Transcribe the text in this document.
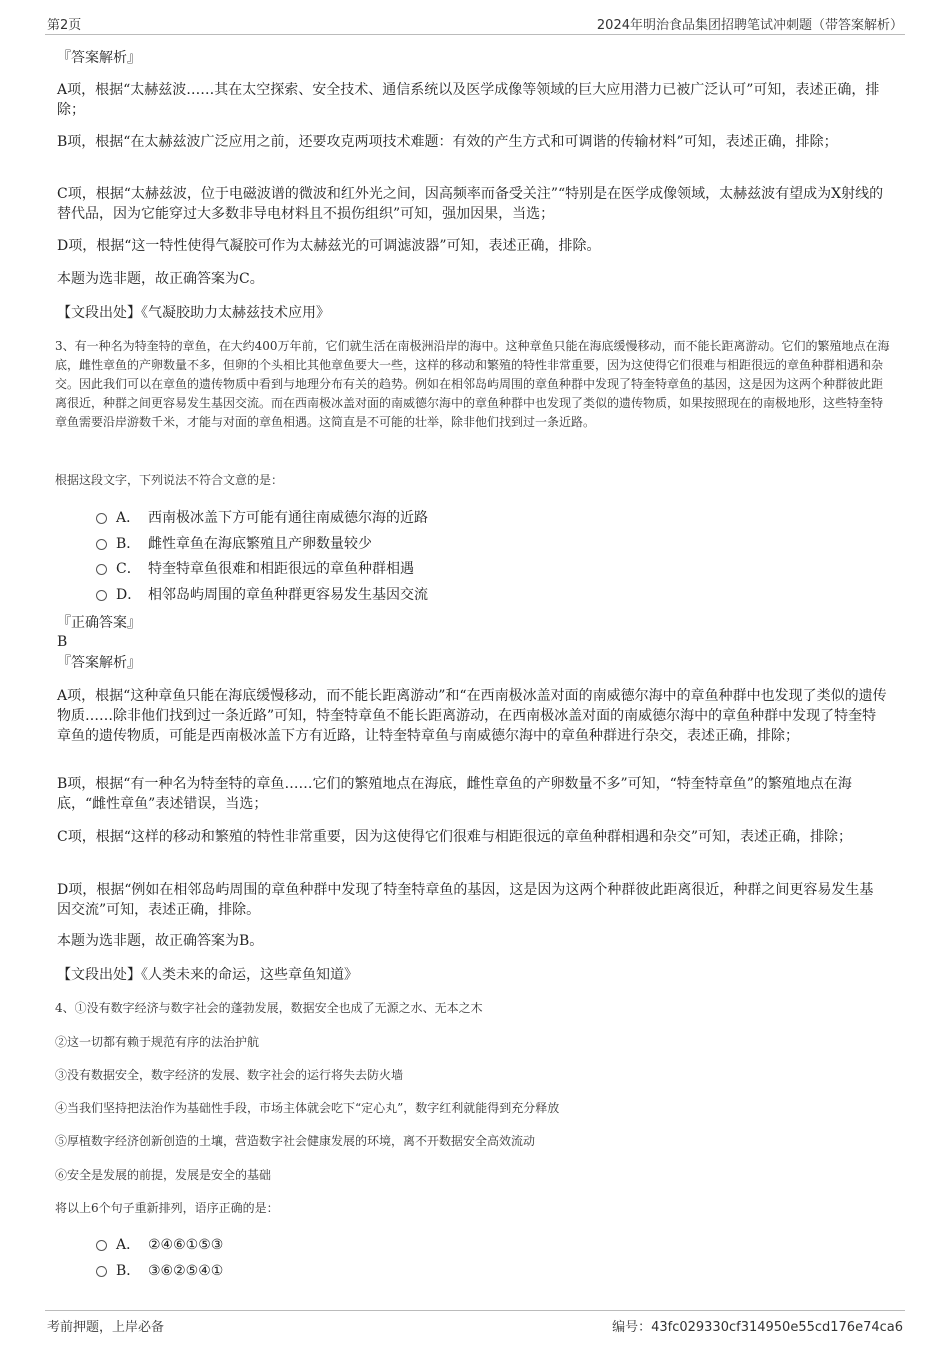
第2页	2024年明治食品集团招聘笔试冲刺题（带答案解析）
『答案解析』
A项，根据“太赫兹波……其在太空探索、安全技术、通信系统以及医学成像等领域的巨大应用潜力已被广泛认可”可知，表述正确，排除；
B项，根据“在太赫兹波广泛应用之前，还要攻克两项技术难题：有效的产生方式和可调谐的传输材料”可知，表述正确，排除；
C项，根据“太赫兹波，位于电磁波谱的微波和红外光之间，因高频率而备受关注”“特别是在医学成像领域，太赫兹波有望成为X射线的替代品，因为它能穿过大多数非导电材料且不损伤组织”可知，强加因果，当选；
D项，根据“这一特性使得气凝胶可作为太赫兹光的可调滤波器”可知，表述正确，排除。
本题为选非题，故正确答案为C。
【文段出处】《气凝胶助力太赫兹技术应用》
3、有一种名为特奎特的章鱼，在大约400万年前，它们就生活在南极洲沿岸的海中。这种章鱼只能在海底缓慢移动，而不能长距离游动。它们的繁殖地点在海底，雌性章鱼的产卵数量不多，但卵的个头相比其他章鱼要大一些，这样的移动和繁殖的特性非常重要，因为这使得它们很难与相距很远的章鱼种群相遇和杂交。因此我们可以在章鱼的遗传物质中看到与地理分布有关的趋势。例如在相邻岛屿周围的章鱼种群中发现了特奎特章鱼的基因，这是因为这两个种群彼此距离很近，种群之间更容易发生基因交流。而在西南极冰盖对面的南威德尔海中的章鱼种群中也发现了类似的遗传物质，如果按照现在的南极地形，这些特奎特章鱼需要沿岸游数千米，才能与对面的章鱼相遇。这简直是不可能的壮举，除非他们找到过一条近路。
根据这段文字，下列说法不符合文意的是：
A． 西南极冰盖下方可能有通往南威德尔海的近路
B． 雌性章鱼在海底繁殖且产卵数量较少
C． 特奎特章鱼很难和相距很远的章鱼种群相遇
D． 相邻岛屿周围的章鱼种群更容易发生基因交流
『正确答案』
B
『答案解析』
A项，根据“这种章鱼只能在海底缓慢移动，而不能长距离游动”和“在西南极冰盖对面的南威德尔海中的章鱼种群中也发现了类似的遗传物质……除非他们找到过一条近路”可知，特奎特章鱼不能长距离游动，在西南极冰盖对面的南威德尔海中的章鱼种群中发现了特奎特章鱼的遗传物质，可能是西南极冰盖下方有近路，让特奎特章鱼与南威德尔海中的章鱼种群进行杂交，表述正确，排除；
B项，根据“有一种名为特奎特的章鱼……它们的繁殖地点在海底，雌性章鱼的产卵数量不多”可知，“特奎特章鱼”的繁殖地点在海底，“雌性章鱼”表述错误，当选；
C项，根据“这样的移动和繁殖的特性非常重要，因为这使得它们很难与相距很远的章鱼种群相遇和杂交”可知，表述正确，排除；
D项，根据“例如在相邻岛屿周围的章鱼种群中发现了特奎特章鱼的基因，这是因为这两个种群彼此距离很近，种群之间更容易发生基因交流”可知，表述正确，排除。
本题为选非题，故正确答案为B。
【文段出处】《人类未来的命运，这些章鱼知道》
4、①没有数字经济与数字社会的蓬勃发展，数据安全也成了无源之水、无本之木
②这一切都有赖于规范有序的法治护航
③没有数据安全，数字经济的发展、数字社会的运行将失去防火墙
④当我们坚持把法治作为基础性手段，市场主体就会吃下“定心丸”，数字红利就能得到充分释放
⑤厚植数字经济创新创造的土壤，营造数字社会健康发展的环境，离不开数据安全高效流动
⑥安全是发展的前提，发展是安全的基础
将以上6个句子重新排列，语序正确的是：
A． ②④⑥①⑤③
B． ③⑥②⑤④①
考前押题，上岸必备	编号：43fc029330cf314950e55cd176e74ca6
